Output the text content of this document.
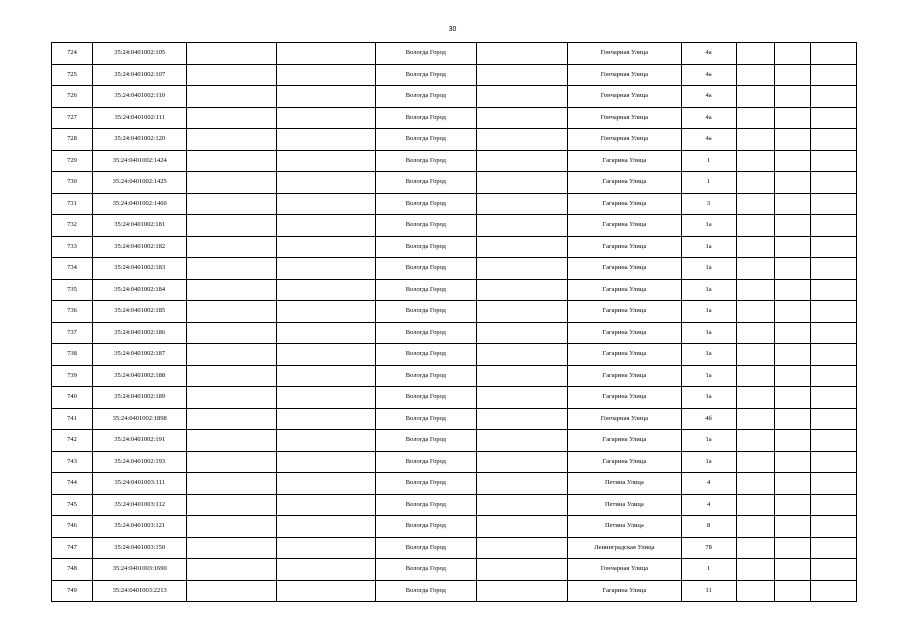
30
724	35:24:0401002:105			Вологда Город		Гончарная Улица	4а			
725	35:24:0401002:107			Вологда Город		Гончарная Улица	4а			
726	35:24:0401002:110			Вологда Город		Гончарная Улица	4а			
727	35:24:0401002:111			Вологда Город		Гончарная Улица	4а			
728	35:24:0401002:120			Вологда Город		Гончарная Улица	4а			
729	35:24:0401002:1424			Вологда Город		Гагарина Улица	1			
730	35:24:0401002:1425			Вологда Город		Гагарина Улица	1			
731	35:24:0401002:1460			Вологда Город		Гагарина Улица	3			
732	35:24:0401002:181			Вологда Город		Гагарина Улица	1а			
733	35:24:0401002:182			Вологда Город		Гагарина Улица	1а			
734	35:24:0401002:183			Вологда Город		Гагарина Улица	1а			
735	35:24:0401002:184			Вологда Город		Гагарина Улица	1а			
736	35:24:0401002:185			Вологда Город		Гагарина Улица	1а			
737	35:24:0401002:186			Вологда Город		Гагарина Улица	1а			
738	35:24:0401002:187			Вологда Город		Гагарина Улица	1а			
739	35:24:0401002:188			Вологда Город		Гагарина Улица	1а			
740	35:24:0401002:189			Вологда Город		Гагарина Улица	1а			
741	35:24:0401002:1898			Вологда Город		Гончарная Улица	4б			
742	35:24:0401002:191			Вологда Город		Гагарина Улица	1а			
743	35:24:0401002:193			Вологда Город		Гагарина Улица	1а			
744	35:24:0401003:111			Вологда Город		Петина Улица	4			
745	35:24:0401003:112			Вологда Город		Петина Улица	4			
746	35:24:0401003:121			Вологда Город		Петина Улица	8			
747	35:24:0401003:150			Вологда Город		Ленинградская Улица	78			
748	35:24:0401003:1690			Вологда Город		Гончарная Улица	1			
749	35:24:0401003:2213			Вологда Город		Гагарина Улица	11			
